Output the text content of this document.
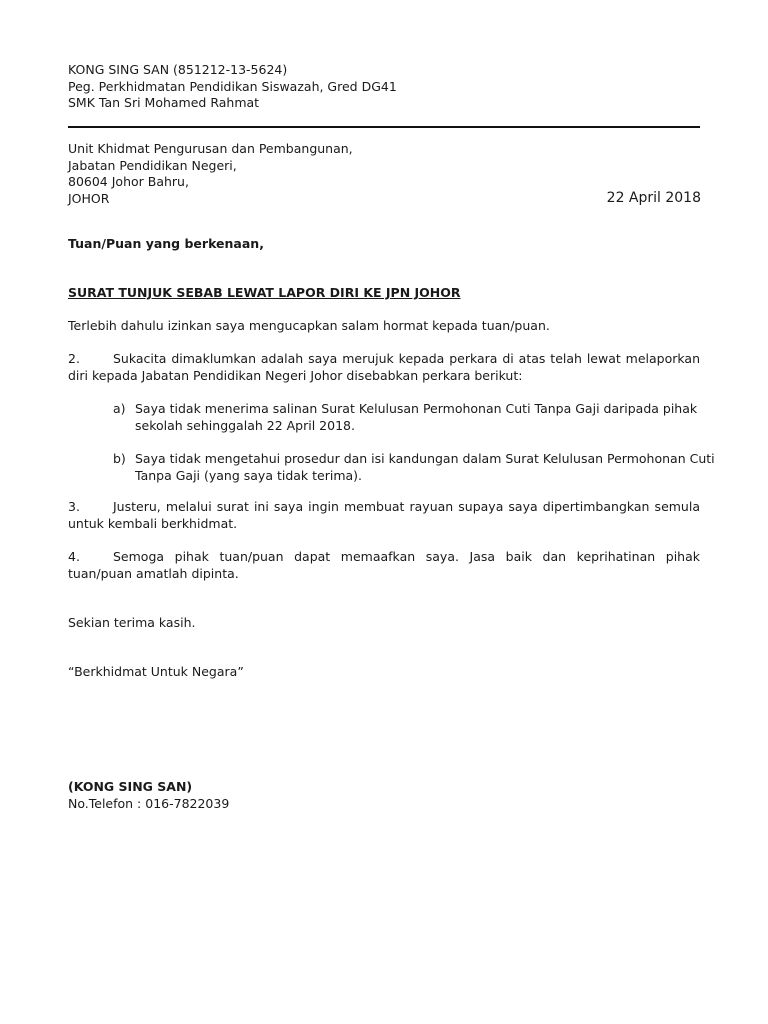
KONG SING SAN (851212-13-5624)
Peg. Perkhidmatan Pendidikan Siswazah, Gred DG41
SMK Tan Sri Mohamed Rahmat
Unit Khidmat Pengurusan dan Pembangunan,
Jabatan Pendidikan Negeri,
80604 Johor Bahru,
JOHOR	22 April 2018
Tuan/Puan yang berkenaan,
SURAT TUNJUK SEBAB LEWAT LAPOR DIRI KE JPN JOHOR
Terlebih dahulu izinkan saya mengucapkan salam hormat kepada tuan/puan.
2.	Sukacita dimaklumkan adalah saya merujuk kepada perkara di atas telah lewat melaporkan diri kepada Jabatan Pendidikan Negeri Johor disebabkan perkara berikut:
a) Saya tidak menerima salinan Surat Kelulusan Permohonan Cuti Tanpa Gaji daripada pihak
sekolah sehinggalah 22 April 2018.
b) Saya tidak mengetahui prosedur dan isi kandungan dalam Surat Kelulusan Permohonan Cuti
Tanpa Gaji (yang saya tidak terima).
3.	Justeru, melalui surat ini saya ingin membuat rayuan supaya saya dipertimbangkan semula untuk kembali berkhidmat.
4.	Semoga pihak tuan/puan dapat memaafkan saya. Jasa baik dan keprihatinan pihak tuan/puan amatlah dipinta.
Sekian terima kasih.
“Berkhidmat Untuk Negara”
(KONG SING SAN)
No.Telefon : 016-7822039
